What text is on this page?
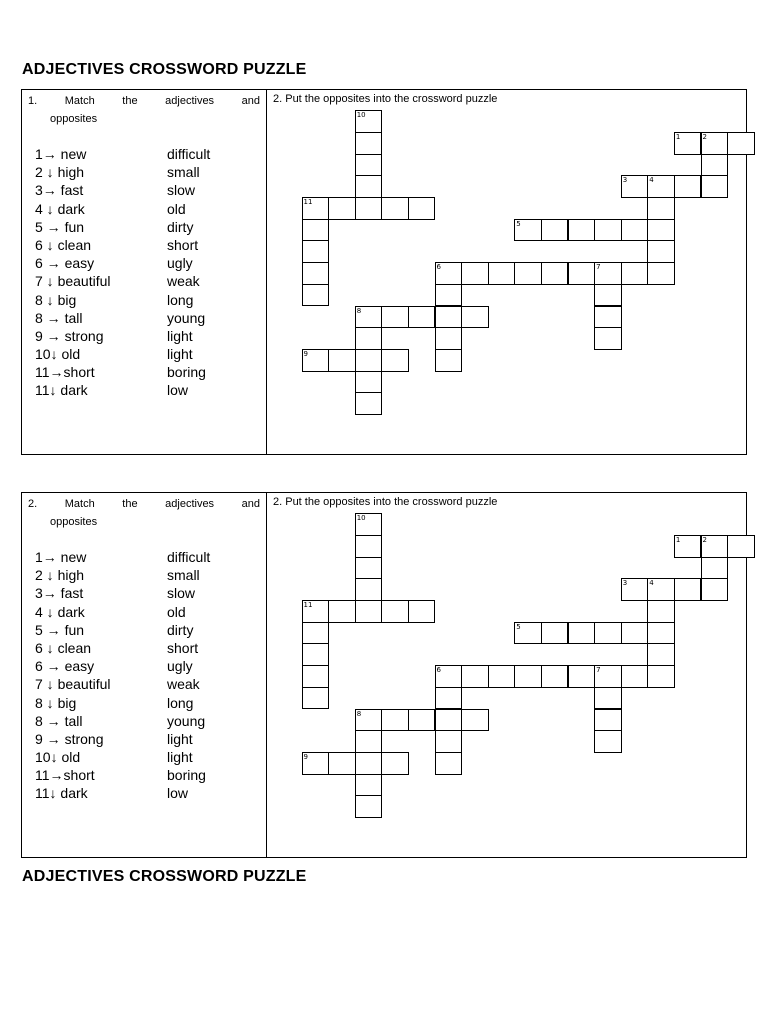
ADJECTIVES CROSSWORD PUZZLE
1.	Match	the	adjectives	and
opposites
1→ new	difficult
2 ↓ high	small
3→ fast	slow
4 ↓ dark	old
5 → fun	dirty
6 ↓ clean	short
6 → easy	ugly
7 ↓ beautiful	weak
8 ↓ big	long
8 → tall	young
9 → strong	light
10↓ old	light
11→short	boring
11↓ dark	low
2. Put the opposites into the crossword puzzle
1	2
3	4
5
6	7
8
9
10
11
2.	Match	the	adjectives	and
opposites
1→ new	difficult
2 ↓ high	small
3→ fast	slow
4 ↓ dark	old
5 → fun	dirty
6 ↓ clean	short
6 → easy	ugly
7 ↓ beautiful	weak
8 ↓ big	long
8 → tall	young
9 → strong	light
10↓ old	light
11→short	boring
11↓ dark	low
2. Put the opposites into the crossword puzzle
1	2
3	4
5
6	7
8
9
10
11
ADJECTIVES CROSSWORD PUZZLE
